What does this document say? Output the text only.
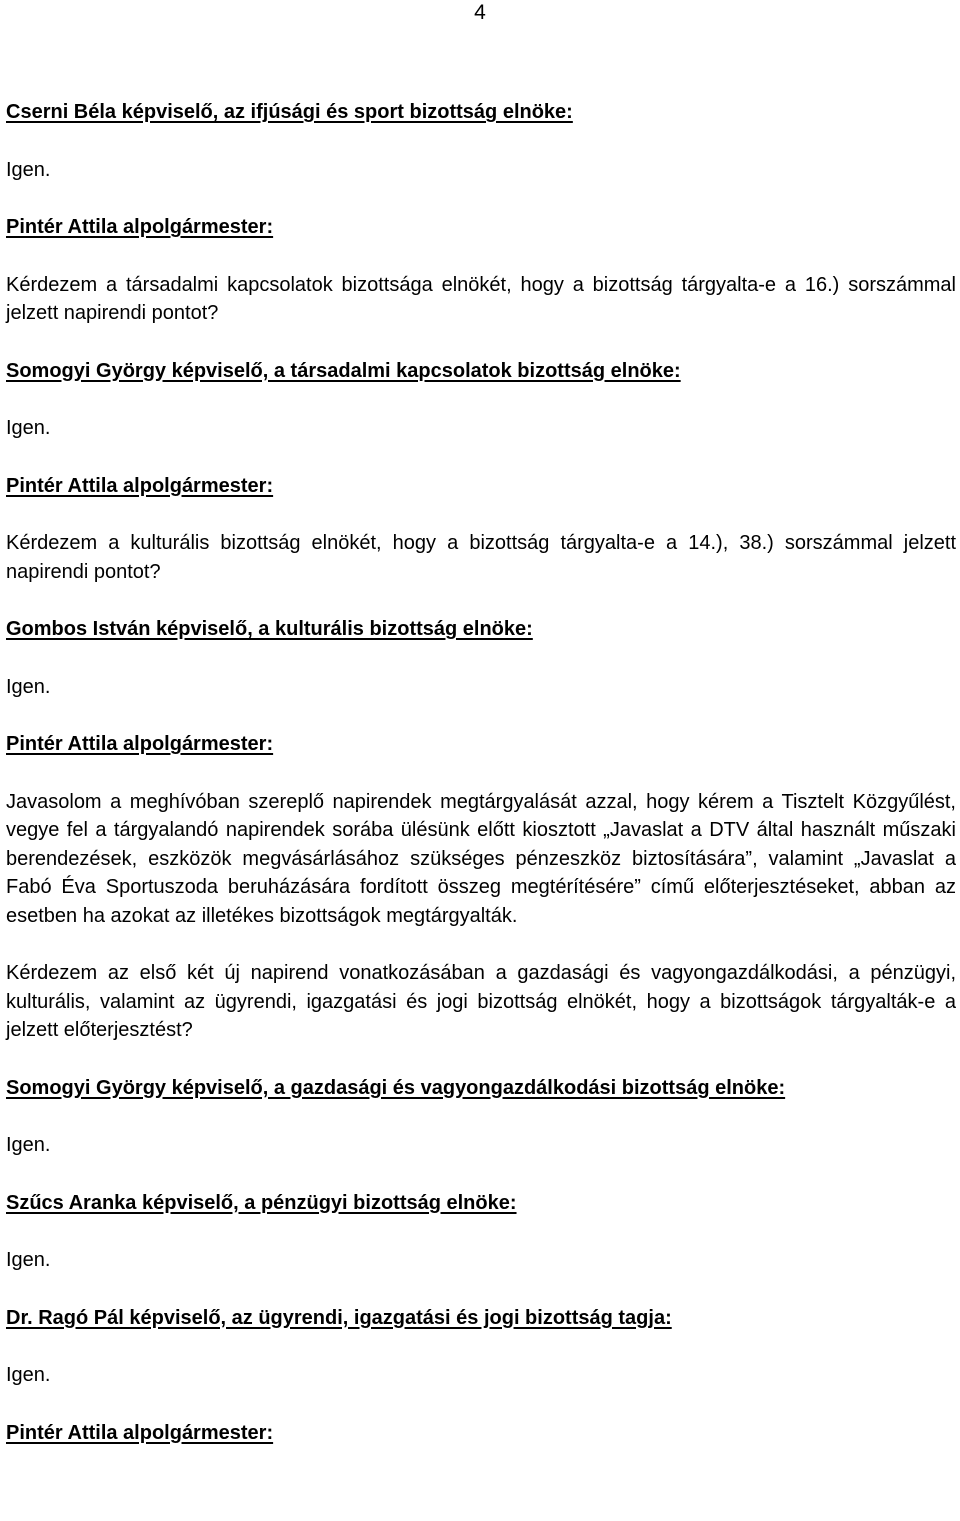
4

Cserni Béla képviselő, az ifjúsági és sport bizottság elnöke:

Igen.

Pintér Attila alpolgármester:

Kérdezem a társadalmi kapcsolatok bizottsága elnökét, hogy a bizottság tárgyalta-e a 16.) sorszámmal jelzett napirendi pontot?

Somogyi György képviselő, a társadalmi kapcsolatok bizottság elnöke:

Igen.

Pintér Attila alpolgármester:

Kérdezem a kulturális bizottság elnökét, hogy a bizottság tárgyalta-e a 14.), 38.) sorszámmal jelzett napirendi pontot?

Gombos István képviselő, a kulturális bizottság elnöke:

Igen.

Pintér Attila alpolgármester:

Javasolom a meghívóban szereplő napirendek megtárgyalását azzal, hogy kérem a Tisztelt Közgyűlést, vegye fel a tárgyalandó napirendek sorába ülésünk előtt kiosztott „Javaslat a DTV által használt műszaki berendezések, eszközök megvásárlásához szükséges pénzeszköz biztosítására”, valamint „Javaslat a Fabó Éva Sportuszoda beruházására fordított összeg megtérítésére” című előterjesztéseket, abban az esetben ha azokat az illetékes bizottságok megtárgyalták.

Kérdezem az első két új napirend vonatkozásában a gazdasági és vagyongazdálkodási, a pénzügyi, kulturális, valamint az ügyrendi, igazgatási és jogi bizottság elnökét, hogy a bizottságok tárgyalták-e a jelzett előterjesztést?

Somogyi György képviselő, a gazdasági és vagyongazdálkodási bizottság elnöke:

Igen.

Szűcs Aranka képviselő, a pénzügyi bizottság elnöke:

Igen.

Dr. Ragó Pál képviselő, az ügyrendi, igazgatási és jogi bizottság tagja:

Igen.

Pintér Attila alpolgármester:
